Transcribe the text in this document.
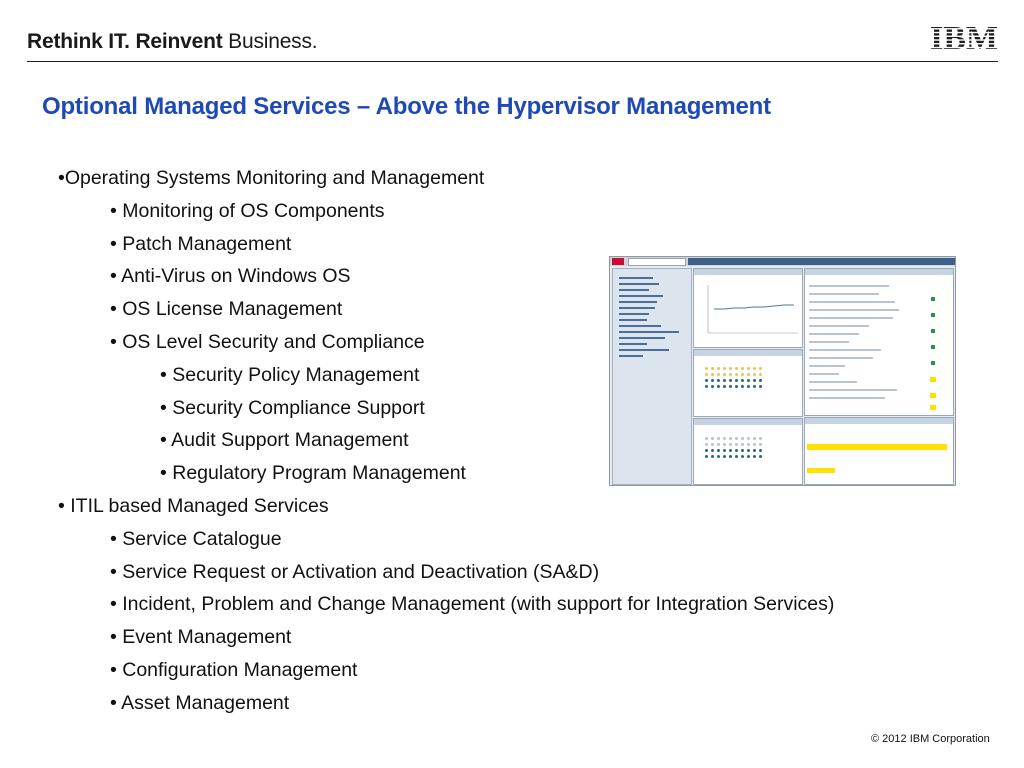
Rethink IT. Reinvent Business.	IBM
Optional Managed Services – Above the Hypervisor Management
•Operating Systems Monitoring and Management
• Monitoring of OS Components
• Patch Management
• Anti-Virus on Windows OS
• OS License Management
• OS Level Security and Compliance
• Security Policy Management
• Security Compliance Support
• Audit Support Management
• Regulatory Program Management
• ITIL based Managed Services
• Service Catalogue
• Service Request or Activation and Deactivation (SA&D)
• Incident, Problem and Change Management (with support for Integration Services)
• Event Management
• Configuration Management
• Asset Management
© 2012 IBM Corporation
